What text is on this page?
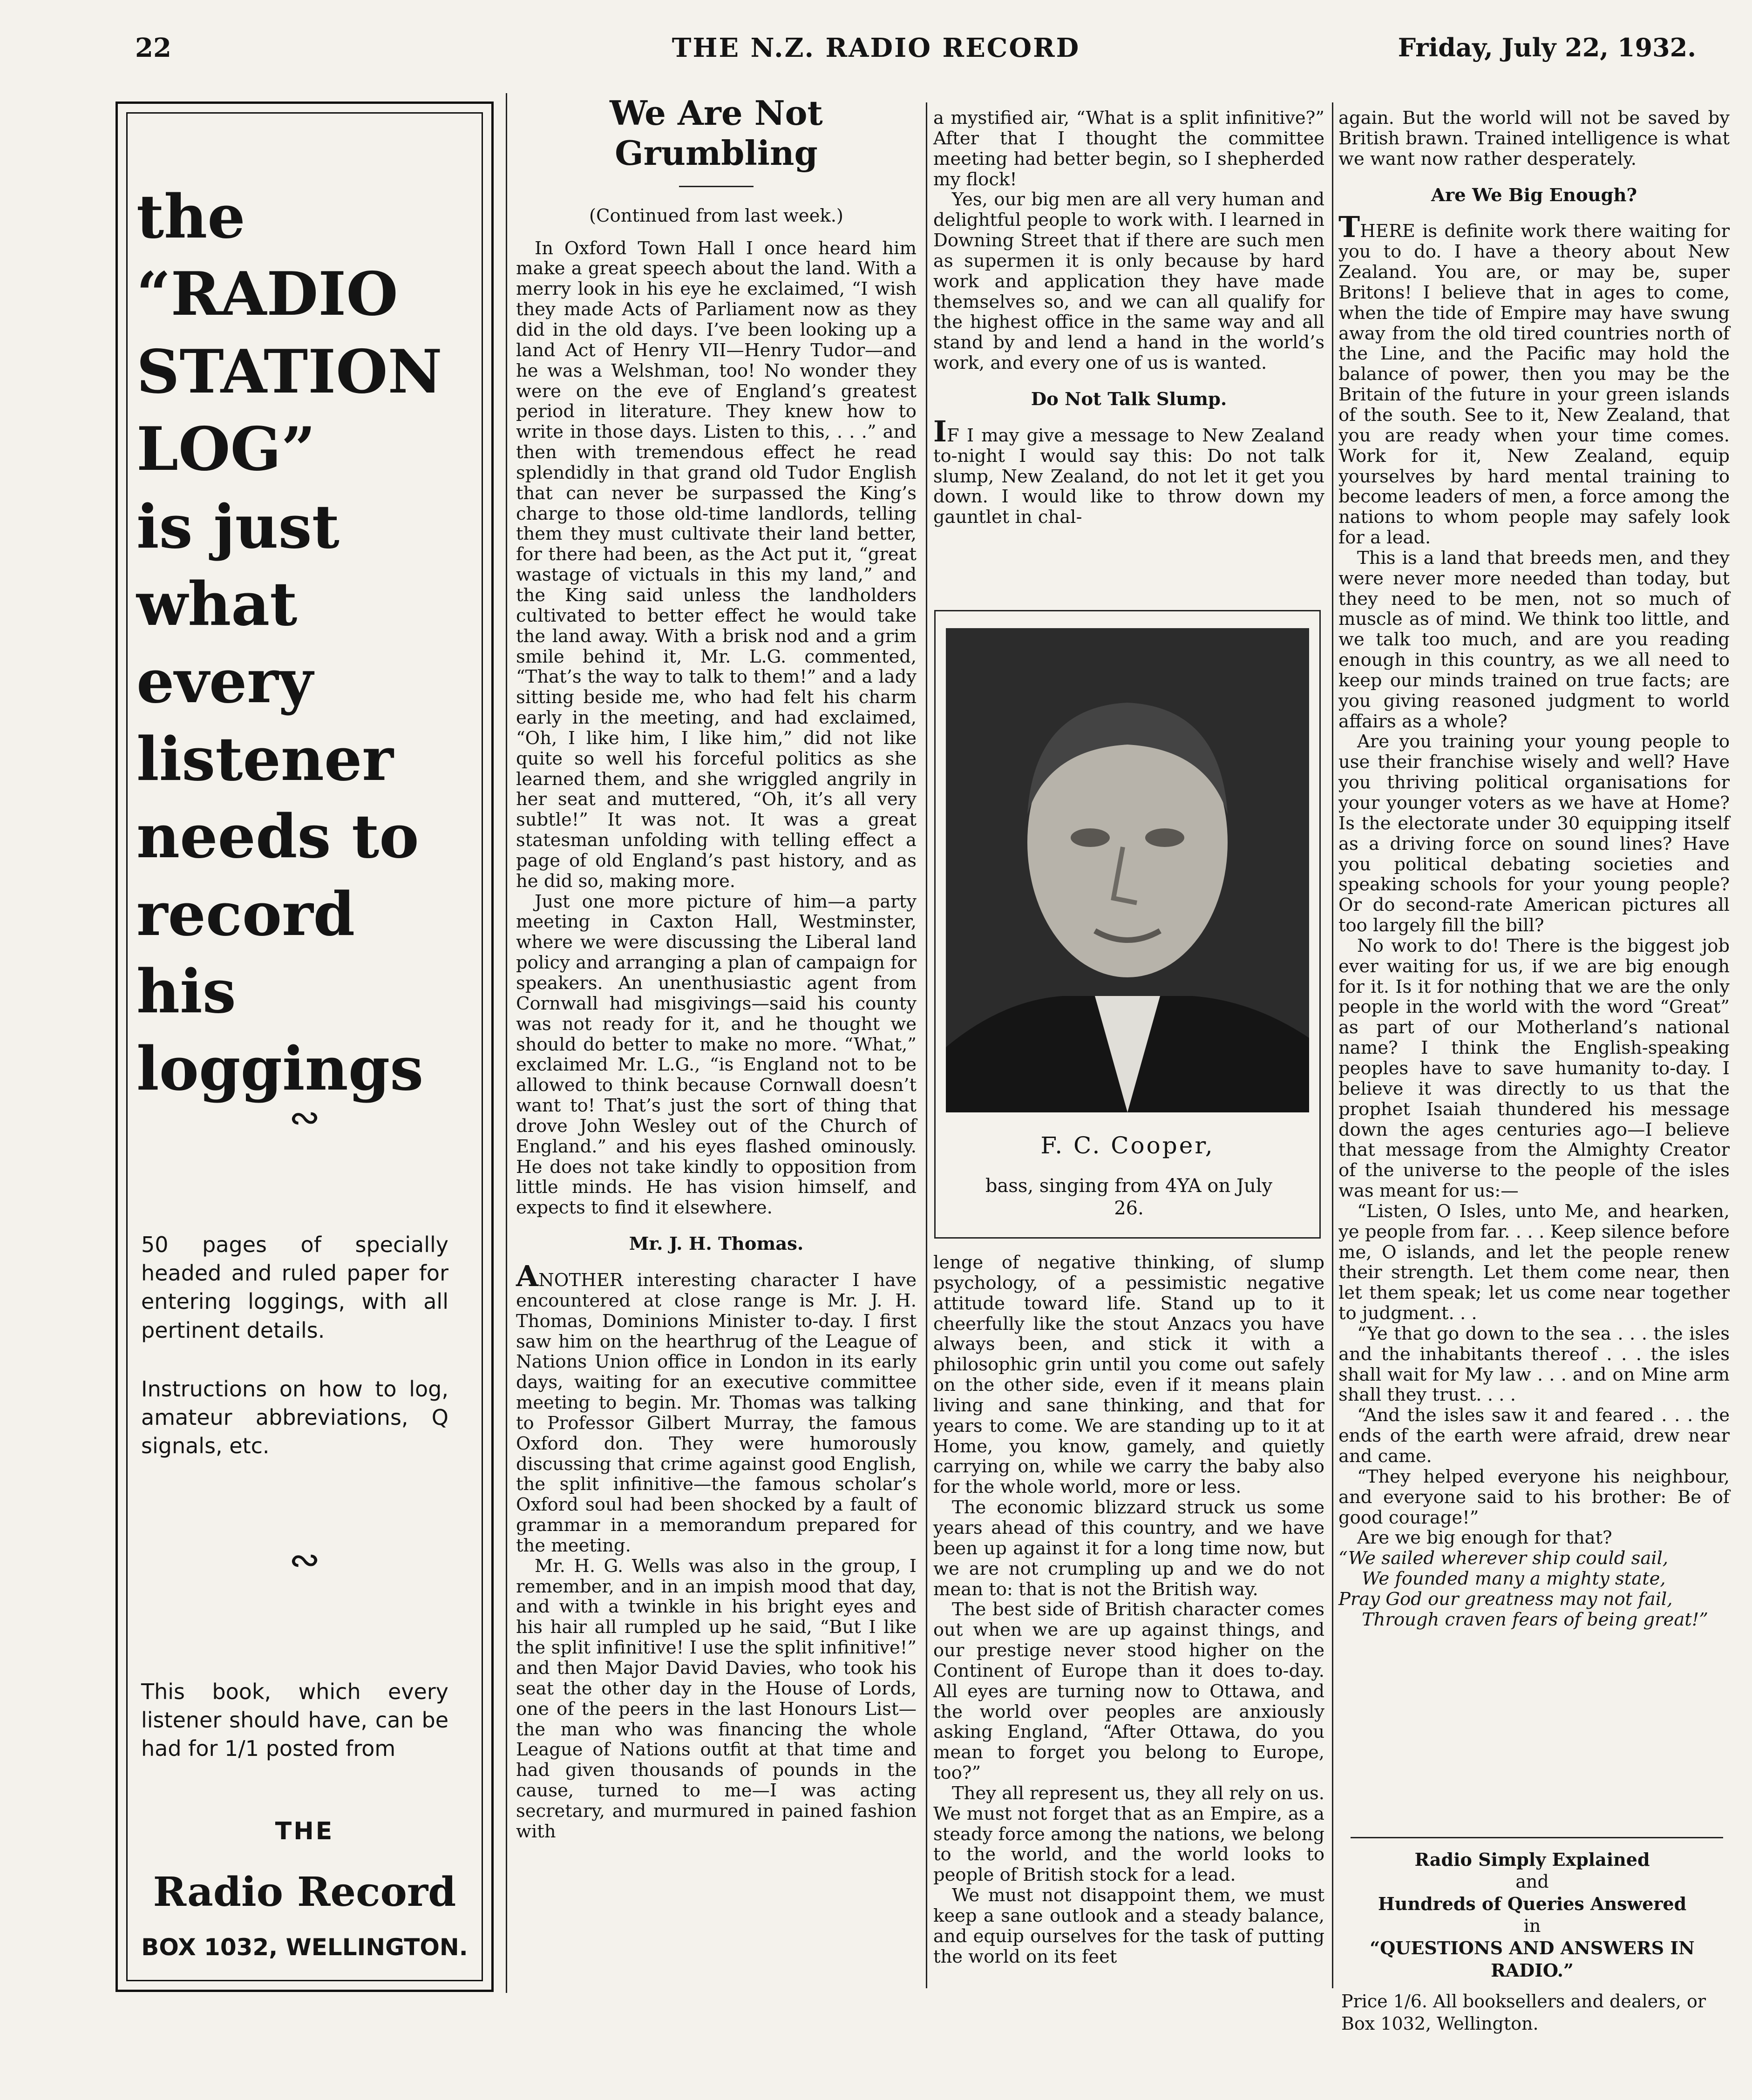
22	THE N.Z. RADIO RECORD	Friday, July 22, 1932.
the
“RADIO
STATION
LOG”
is just
what
every
listener
needs to
record his
loggings
∾
50 pages of specially headed and ruled paper for entering loggings, with all pertinent details.
Instructions on how to log, amateur abbreviations, Q signals, etc.
∾
This book, which every listener should have, can be had for 1/1 posted from
THE
Radio Record
BOX 1032, WELLINGTON.
We Are Not Grumbling
(Continued from last week.)

In Oxford Town Hall I once heard him make a great speech about the land. With a merry look in his eye he exclaimed, “I wish they made Acts of Parliament now as they did in the old days. I’ve been looking up a land Act of Henry VII—Henry Tudor—and he was a Welshman, too! No wonder they were on the eve of England’s greatest period in literature. They knew how to write in those days. Listen to this, . . .” and then with tremendous effect he read splendidly in that grand old Tudor English that can never be surpassed the King’s charge to those old-time landlords, telling them they must cultivate their land better, for there had been, as the Act put it, “great wastage of victuals in this my land,” and the King said unless the landholders cultivated to better effect he would take the land away. With a brisk nod and a grim smile behind it, Mr. L.G. commented, “That’s the way to talk to them!” and a lady sitting beside me, who had felt his charm early in the meeting, and had exclaimed, “Oh, I like him, I like him,” did not like quite so well his forceful politics as she learned them, and she wriggled angrily in her seat and muttered, “Oh, it’s all very subtle!” It was not. It was a great statesman unfolding with telling effect a page of old England’s past history, and as he did so, making more.

Just one more picture of him—a party meeting in Caxton Hall, Westminster, where we were discussing the Liberal land policy and arranging a plan of campaign for speakers. An unenthusiastic agent from Cornwall had misgivings—said his county was not ready for it, and he thought we should do better to make no more. “What,” exclaimed Mr. L.G., “is England not to be allowed to think because Cornwall doesn’t want to! That’s just the sort of thing that drove John Wesley out of the Church of England.” and his eyes flashed ominously. He does not take kindly to opposition from little minds. He has vision himself, and expects to find it elsewhere.

Mr. J. H. Thomas.

ANOTHER interesting character I have encountered at close range is Mr. J. H. Thomas, Dominions Minister to-day. I first saw him on the hearthrug of the League of Nations Union office in London in its early days, waiting for an executive committee meeting to begin. Mr. Thomas was talking to Professor Gilbert Murray, the famous Oxford don. They were humorously discussing that crime against good English, the split infinitive—the famous scholar’s Oxford soul had been shocked by a fault of grammar in a memorandum prepared for the meeting.

Mr. H. G. Wells was also in the group, I remember, and in an impish mood that day, and with a twinkle in his bright eyes and his hair all rumpled up he said, “But I like the split infinitive! I use the split infinitive!” and then Major David Davies, who took his seat the other day in the House of Lords, one of the peers in the last Honours List—the man who was financing the whole League of Nations outfit at that time and had given thousands of pounds in the cause, turned to me—I was acting secretary, and murmured in pained fashion with

a mystified air, “What is a split infinitive?” After that I thought the committee meeting had better begin, so I shepherded my flock!

Yes, our big men are all very human and delightful people to work with. I learned in Downing Street that if there are such men as supermen it is only because by hard work and application they have made themselves so, and we can all qualify for the highest office in the same way and all stand by and lend a hand in the world’s work, and every one of us is wanted.

Do Not Talk Slump.

IF I may give a message to New Zealand to-night I would say this: Do not talk slump, New Zealand, do not let it get you down. I would like to throw down my gauntlet in chal-

F. C. Cooper,
bass, singing from 4YA on July 26.

lenge of negative thinking, of slump psychology, of a pessimistic negative attitude toward life. Stand up to it cheerfully like the stout Anzacs you have always been, and stick it with a philosophic grin until you come out safely on the other side, even if it means plain living and sane thinking, and that for years to come. We are standing up to it at Home, you know, gamely, and quietly carrying on, while we carry the baby also for the whole world, more or less.

The economic blizzard struck us some years ahead of this country, and we have been up against it for a long time now, but we are not crumpling up and we do not mean to: that is not the British way.

The best side of British character comes out when we are up against things, and our prestige never stood higher on the Continent of Europe than it does to-day. All eyes are turning now to Ottawa, and the world over peoples are anxiously asking England, “After Ottawa, do you mean to forget you belong to Europe, too?”

They all represent us, they all rely on us. We must not forget that as an Empire, as a steady force among the nations, we belong to the world, and the world looks to people of British stock for a lead.

We must not disappoint them, we must keep a sane outlook and a steady balance, and equip ourselves for the task of putting the world on its feet

again. But the world will not be saved by British brawn. Trained intelligence is what we want now rather desperately.

Are We Big Enough?

THERE is definite work there waiting for you to do. I have a theory about New Zealand. You are, or may be, super Britons! I believe that in ages to come, when the tide of Empire may have swung away from the old tired countries north of the Line, and the Pacific may hold the balance of power, then you may be the Britain of the future in your green islands of the south. See to it, New Zealand, that you are ready when your time comes. Work for it, New Zealand, equip yourselves by hard mental training to become leaders of men, a force among the nations to whom people may safely look for a lead.

This is a land that breeds men, and they were never more needed than today, but they need to be men, not so much of muscle as of mind. We think too little, and we talk too much, and are you reading enough in this country, as we all need to keep our minds trained on true facts; are you giving reasoned judgment to world affairs as a whole?

Are you training your young people to use their franchise wisely and well? Have you thriving political organisations for your younger voters as we have at Home? Is the electorate under 30 equipping itself as a driving force on sound lines? Have you political debating societies and speaking schools for your young people? Or do second-rate American pictures all too largely fill the bill?

No work to do! There is the biggest job ever waiting for us, if we are big enough for it. Is it for nothing that we are the only people in the world with the word “Great” as part of our Motherland’s national name? I think the English-speaking peoples have to save humanity to-day. I believe it was directly to us that the prophet Isaiah thundered his message down the ages centuries ago—I believe that message from the Almighty Creator of the universe to the people of the isles was meant for us:—

“Listen, O Isles, unto Me, and hearken, ye people from far. . . . Keep silence before me, O islands, and let the people renew their strength. Let them come near, then let them speak; let us come near together to judgment. . .

“Ye that go down to the sea . . . the isles and the inhabitants thereof . . . the isles shall wait for My law . . . and on Mine arm shall they trust. . . .

“And the isles saw it and feared . . . the ends of the earth were afraid, drew near and came.

“They helped everyone his neighbour, and everyone said to his brother: Be of good courage!”

Are we big enough for that?

“We sailed wherever ship could sail,

We founded many a mighty state,

Pray God our greatness may not fail,

Through craven fears of being great!”

Radio Simply Explained
and
Hundreds of Queries Answered
in
“QUESTIONS AND ANSWERS IN RADIO.”
Price 1/6. All booksellers and dealers, or Box 1032, Wellington.
